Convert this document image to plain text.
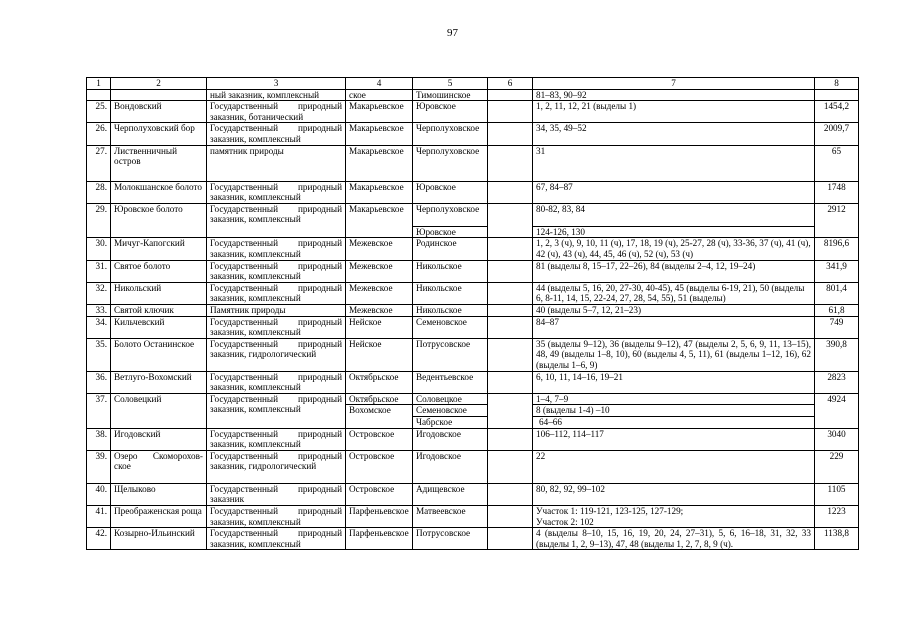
97
1	2	3	4	5	6	7	8
		ный заказник, комплексный	ское	Тимошинское		81–83, 90–92	
25.	Вондовский	Государственный природный заказник, ботанический	Макарьевское	Юровское		1, 2, 11, 12, 21 (выделы 1)	1454,2
26.	Черполуховский бор	Государственный природный заказник, комплексный	Макарьевское	Черполуховское		34, 35, 49–52	2009,7
27.	Лиственничный остров	памятник природы	Макарьевское	Черполуховское		31	65
28.	Молокшанское болото	Государственный природный заказник, комплексный	Макарьевское	Юровское		67, 84–87	1748
29.	Юровское болото	Государственный природный заказник, комплексный	Макарьевское	Черполуховское		80-82, 83, 84	2912
				Юровское		124-126, 130	
30.	Мичуг-Капогский	Государственный природный заказник, комплексный	Межевское	Родинское		1, 2, 3 (ч), 9, 10, 11 (ч), 17, 18, 19 (ч), 25-27, 28 (ч), 33-36, 37 (ч), 41 (ч), 42 (ч), 43 (ч), 44, 45, 46 (ч), 52 (ч), 53 (ч)	8196,6
31.	Святое болото	Государственный природный заказник, комплексный	Межевское	Никольское		81 (выделы 8, 15–17, 22–26), 84 (выделы 2–4, 12, 19–24)	341,9
32.	Никольский	Государственный природный заказник, комплексный	Межевское	Никольское		44 (выделы 5, 16, 20, 27-30, 40-45), 45 (выделы 6-19, 21), 50 (выделы 6, 8-11, 14, 15, 22-24, 27, 28, 54, 55), 51 (выделы)	801,4
33.	Святой ключик	Памятник природы	Межевское	Никольское		40 (выделы 5–7, 12, 21–23)	61,8
34.	Кильчевский	Государственный природный заказник, комплексный	Нейское	Семеновское		84–87	749
35.	Болото Останинское	Государственный природный заказник, гидрологический	Нейское	Потрусовское		35 (выделы 9–12), 36 (выделы 9–12), 47 (выделы 2, 5, 6, 9, 11, 13–15), 48, 49 (выделы 1–8, 10), 60 (выделы 4, 5, 11), 61 (выделы 1–12, 16), 62 (выделы 1–6, 9)	390,8
36.	Ветлуго-Вохомский	Государственный природный заказник, комплексный	Октябрьское	Ведентьевское		6, 10, 11, 14–16, 19–21	2823
37.	Соловецкий	Государственный природный заказник, комплексный	Октябрьское	Соловецкое		1–4, 7–9	4924
			Вохомское	Семеновское		8 (выделы 1-4) –10	
				Чабрское		64–66	
38.	Игодовский	Государственный природный заказник, комплексный	Островское	Игодовское		106–112, 114–117	3040
39.	Озеро Скоморохов-ское	Государственный природный заказник, гидрологический	Островское	Игодовское		22	229
40.	Щелыково	Государственный природный заказник	Островское	Адищевское		80, 82, 92, 99–102	1105
41.	Преображенская роща	Государственный природный заказник, комплексный	Парфеньевское	Матвеевское		Участок 1: 119-121, 123-125, 127-129;
Участок 2: 102	1223
42.	Козырно-Ильинский	Государственный природный заказник, комплексный	Парфеньевское	Потрусовское		4 (выделы 8–10, 15, 16, 19, 20, 24, 27–31), 5, 6, 16–18, 31, 32, 33 (выделы 1, 2, 9–13), 47, 48 (выделы 1, 2, 7, 8, 9 (ч).	1138,8
